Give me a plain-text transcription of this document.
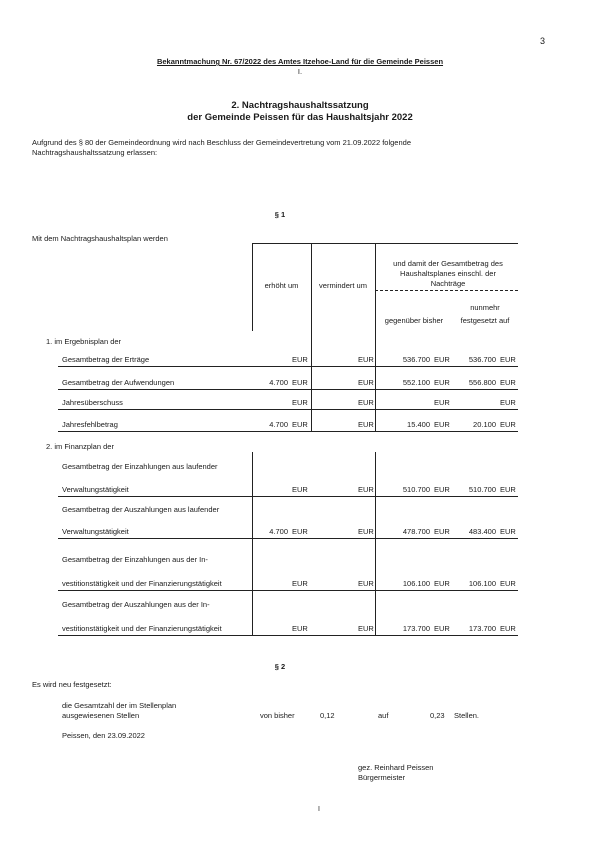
3
Bekanntmachung Nr. 67/2022 des Amtes Itzehoe-Land für die Gemeinde Peissen
I.
2. Nachtragshaushaltssatzung
der Gemeinde Peissen für das Haushaltsjahr 2022
Aufgrund des § 80 der Gemeindeordnung wird nach Beschluss der Gemeindevertretung vom 21.09.2022 folgende
Nachtragshaushaltssatzung erlassen:
§ 1
Mit dem Nachtragshaushaltsplan werden
erhöht um	vermindert um
und damit der Gesamtbetrag des
Haushaltsplanes einschl. der
Nachträge
gegenüber bisher
nunmehr
festgesetzt auf
1. im Ergebnisplan der
Gesamtbetrag der Erträge	EUR	EUR	536.700 EUR	536.700 EUR
Gesamtbetrag der Aufwendungen	4.700 EUR	EUR	552.100 EUR	556.800 EUR
Jahresüberschuss	EUR	EUR	EUR	EUR
Jahresfehlbetrag	4.700 EUR	EUR	15.400 EUR	20.100 EUR
Gesamtbetrag der Einzahlungen aus laufender
Verwaltungstätigkeit	EUR	EUR	510.700 EUR	510.700 EUR
Gesamtbetrag der Auszahlungen aus laufender
Verwaltungstätigkeit	4.700 EUR	EUR	478.700 EUR	483.400 EUR
Gesamtbetrag der Einzahlungen aus der In-
vestitionstätigkeit und der Finanzierungstätigkeit	EUR	EUR	106.100 EUR	106.100 EUR
Gesamtbetrag der Auszahlungen aus der In-
vestitionstätigkeit und der Finanzierungstätigkeit	EUR	EUR	173.700 EUR	173.700 EUR
2. im Finanzplan der
§ 2
Es wird neu festgesetzt:
die Gesamtzahl der im Stellenplan
ausgewiesenen Stellen	von bisher	0,12	auf	0,23 Stellen.
Peissen, den 23.09.2022
gez. Reinhard Peissen
Bürgermeister
I
